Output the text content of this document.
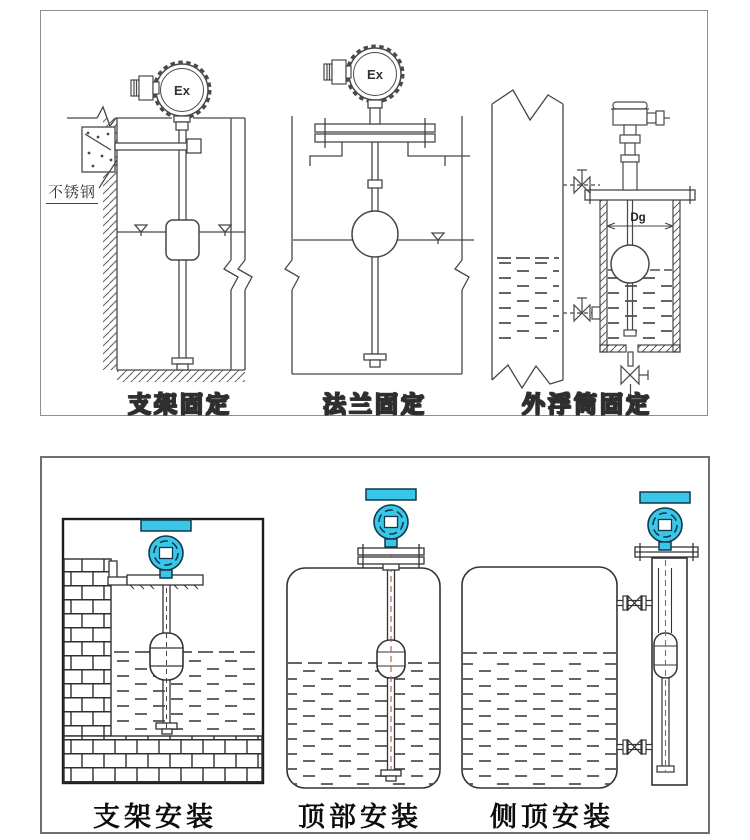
Ex
Ex
Dg
不锈钢
支架固定	法兰固定	外浮筒固定
支架安装	顶部安装	侧顶安装
